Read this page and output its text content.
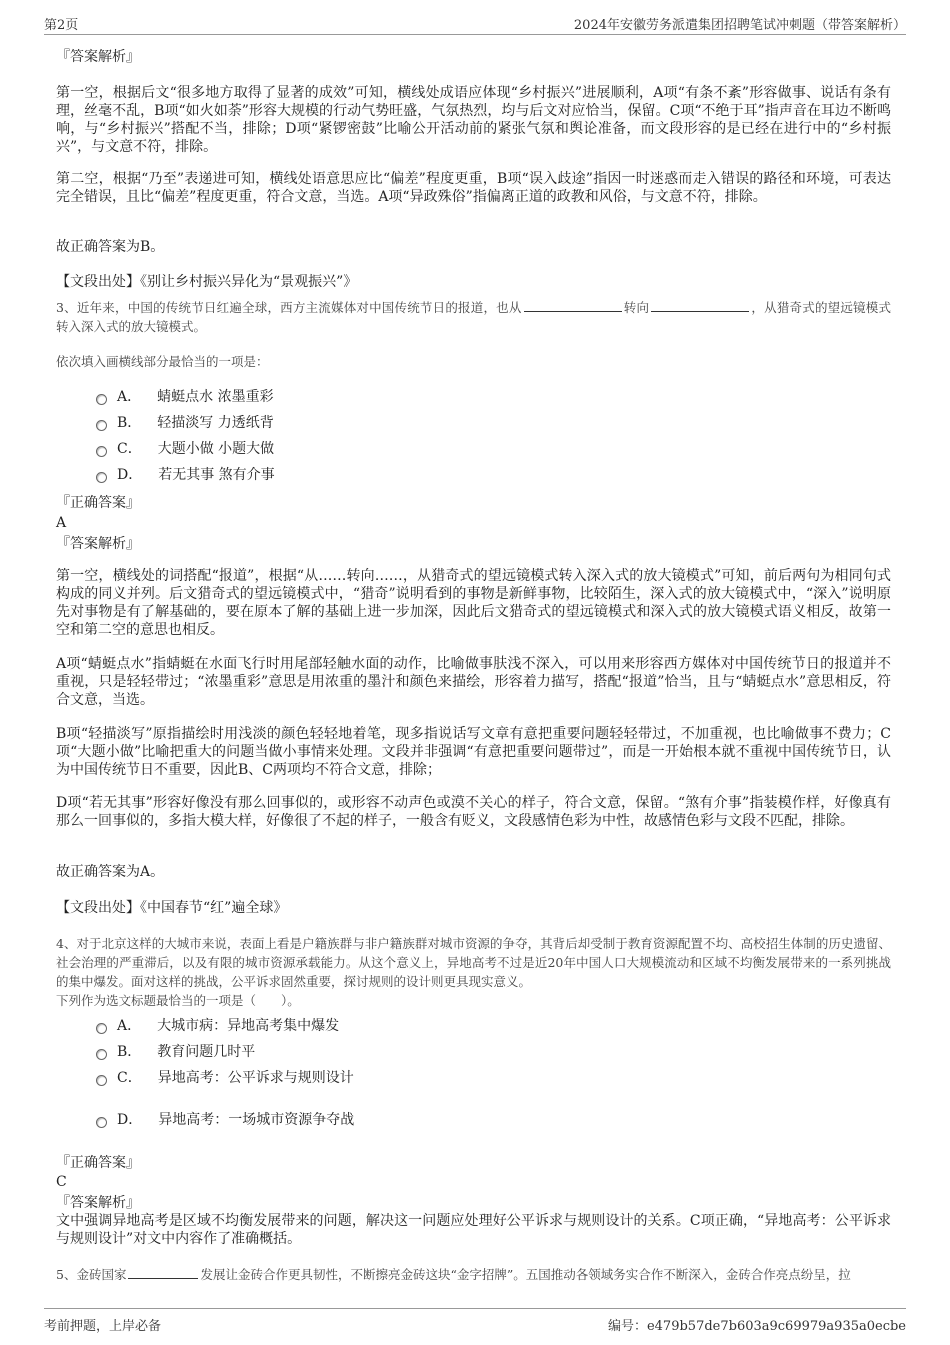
第2页	2024年安徽劳务派遣集团招聘笔试冲刺题（带答案解析）

『答案解析』

第一空，根据后文“很多地方取得了显著的成效”可知，横线处成语应体现“乡村振兴”进展顺利，A项“有条不紊”形容做事、说话有条有理，丝毫不乱，B项“如火如荼”形容大规模的行动气势旺盛，气氛热烈，均与后文对应恰当，保留。C项“不绝于耳”指声音在耳边不断鸣响，与“乡村振兴”搭配不当，排除；D项“紧锣密鼓”比喻公开活动前的紧张气氛和舆论准备，而文段形容的是已经在进行中的“乡村振兴”，与文意不符，排除。

第二空，根据“乃至”表递进可知，横线处语意思应比“偏差”程度更重，B项“误入歧途”指因一时迷惑而走入错误的路径和环境，可表达完全错误，且比“偏差”程度更重，符合文意，当选。A项“异政殊俗”指偏离正道的政教和风俗，与文意不符，排除。

故正确答案为B。

【文段出处】《别让乡村振兴异化为“景观振兴”》

3、近年来，中国的传统节日红遍全球，西方主流媒体对中国传统节日的报道，也从	转向	，从猎奇式的望远镜模式转入深入式的放大镜模式。

依次填入画横线部分最恰当的一项是：

A． 蜻蜓点水 浓墨重彩
B． 轻描淡写 力透纸背
C． 大题小做 小题大做
D． 若无其事 煞有介事

『正确答案』

A

『答案解析』

第一空，横线处的词搭配“报道”，根据“从……转向……，从猎奇式的望远镜模式转入深入式的放大镜模式”可知，前后两句为相同句式构成的同义并列。后文猎奇式的望远镜模式中，“猎奇”说明看到的事物是新鲜事物，比较陌生，深入式的放大镜模式中，“深入”说明原先对事物是有了解基础的，要在原本了解的基础上进一步加深，因此后文猎奇式的望远镜模式和深入式的放大镜模式语义相反，故第一空和第二空的意思也相反。

A项“蜻蜓点水”指蜻蜓在水面飞行时用尾部轻触水面的动作，比喻做事肤浅不深入，可以用来形容西方媒体对中国传统节日的报道并不重视，只是轻轻带过；“浓墨重彩”意思是用浓重的墨汁和颜色来描绘，形容着力描写，搭配“报道”恰当，且与“蜻蜓点水”意思相反，符合文意，当选。

B项“轻描淡写”原指描绘时用浅淡的颜色轻轻地着笔，现多指说话写文章有意把重要问题轻轻带过，不加重视，也比喻做事不费力；C项“大题小做”比喻把重大的问题当做小事情来处理。文段并非强调“有意把重要问题带过”，而是一开始根本就不重视中国传统节日，认为中国传统节日不重要，因此B、C两项均不符合文意，排除；

D项“若无其事”形容好像没有那么回事似的，或形容不动声色或漠不关心的样子，符合文意，保留。“煞有介事”指装模作样，好像真有那么一回事似的，多指大模大样，好像很了不起的样子，一般含有贬义，文段感情色彩为中性，故感情色彩与文段不匹配，排除。

故正确答案为A。

【文段出处】《中国春节“红”遍全球》

4、对于北京这样的大城市来说，表面上看是户籍族群与非户籍族群对城市资源的争夺，其背后却受制于教育资源配置不均、高校招生体制的历史遗留、社会治理的严重滞后，以及有限的城市资源承载能力。从这个意义上，异地高考不过是近20年中国人口大规模流动和区域不均衡发展带来的一系列挑战的集中爆发。面对这样的挑战，公平诉求固然重要，探讨规则的设计则更具现实意义。

下列作为选文标题最恰当的一项是（　　）。

A． 大城市病：异地高考集中爆发
B． 教育问题几时平
C． 异地高考：公平诉求与规则设计
D． 异地高考：一场城市资源争夺战

『正确答案』

C

『答案解析』

文中强调异地高考是区域不均衡发展带来的问题，解决这一问题应处理好公平诉求与规则设计的关系。C项正确，“异地高考：公平诉求与规则设计”对文中内容作了准确概括。

5、金砖国家	发展让金砖合作更具韧性，不断擦亮金砖这块“金字招牌”。五国推动各领域务实合作不断深入，金砖合作亮点纷呈，拉

考前押题，上岸必备	编号：e479b57de7b603a9c69979a935a0ecbe
